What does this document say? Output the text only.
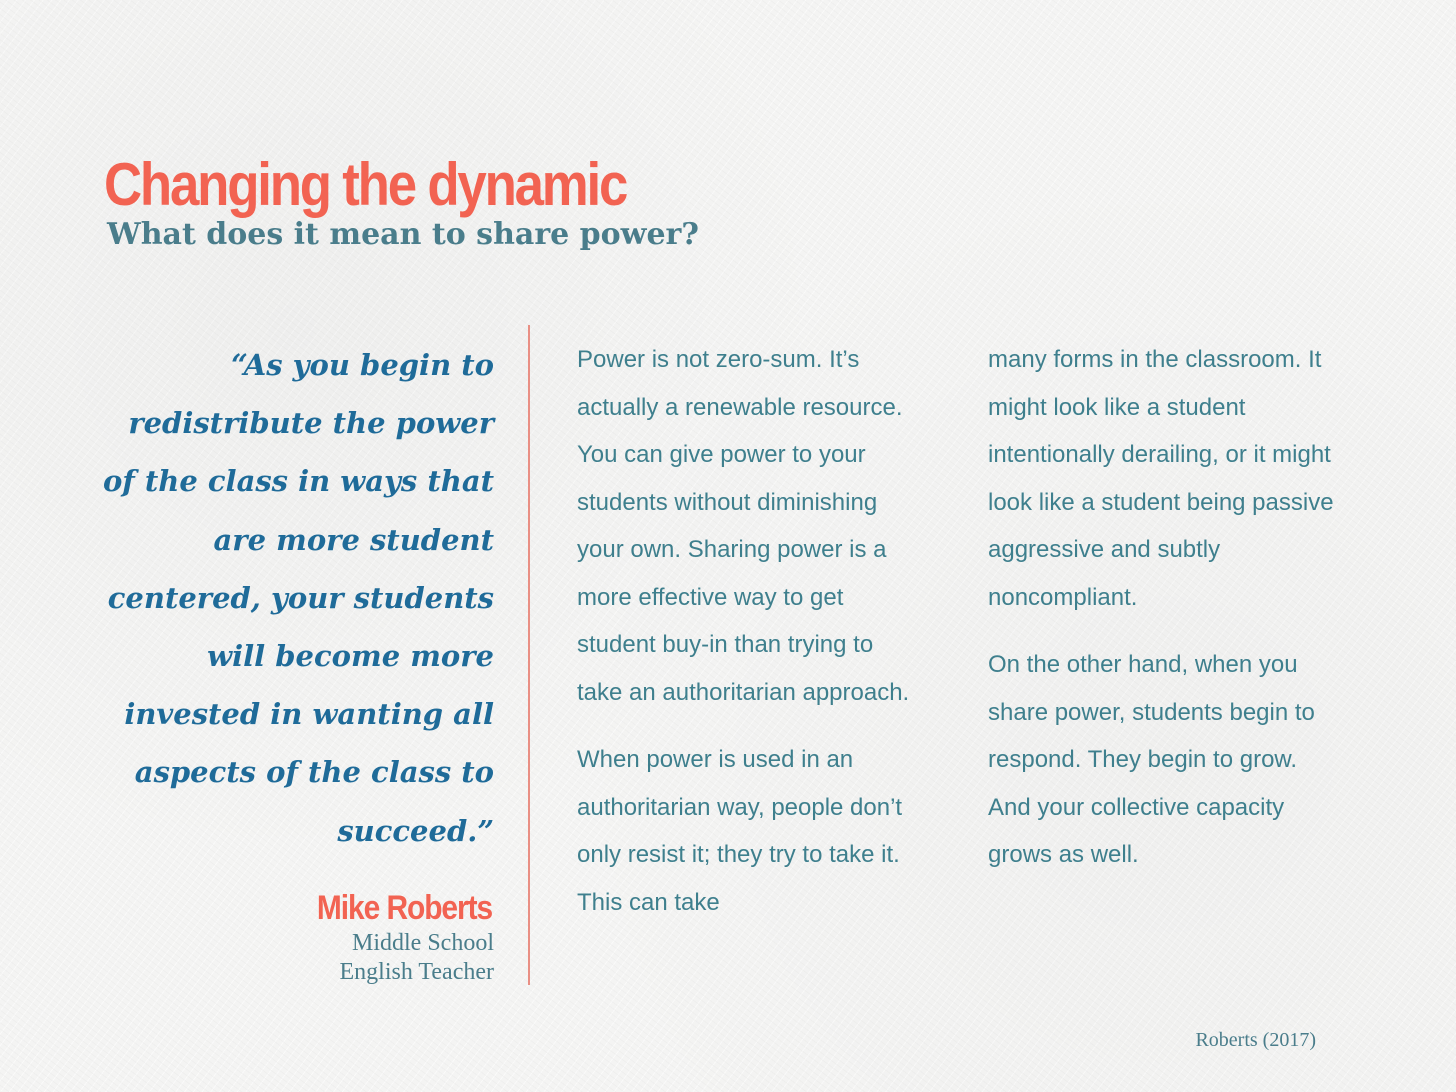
Changing the dynamic
What does it mean to share power?
“As you begin to
redistribute the power
of the class in ways that
are more student
centered, your students
will become more
invested in wanting all
aspects of the class to
succeed.”
Mike Roberts
Middle School
English Teacher

Power is not zero-sum. It’s
actually a renewable resource.
You can give power to your
students without diminishing
your own. Sharing power is a
more effective way to get
student buy-in than trying to
take an authoritarian approach.

When power is used in an
authoritarian way, people don’t
only resist it; they try to take it.
This can take

many forms in the classroom. It
might look like a student
intentionally derailing, or it might
look like a student being passive
aggressive and subtly
noncompliant.

On the other hand, when you
share power, students begin to
respond. They begin to grow.
And your collective capacity
grows as well.

Roberts (2017)
